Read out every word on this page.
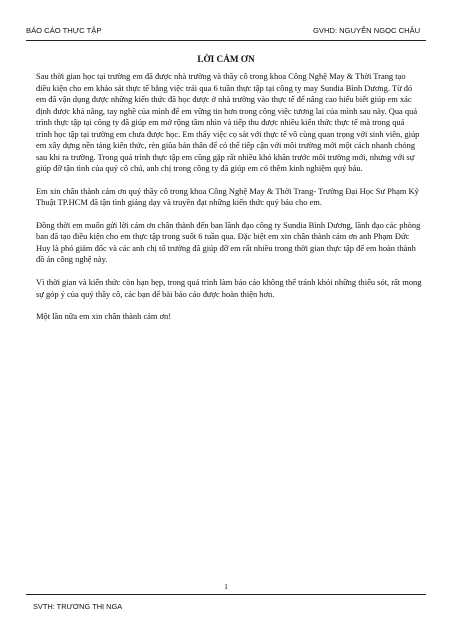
BÁO CÁO THỰC TẬP	GVHD: NGUYỄN NGỌC CHÂU
LỜI CẢM ƠN

Sau thời gian học tại trường em đã được nhà trường và thầy cô trong khoa Công Nghệ May & Thời Trang tạo điều kiện cho em khảo sát thực tế bằng việc trải qua 6 tuần thực tập tại công ty may Sundia Bình Dương. Từ đó em đã vận dụng được những kiến thức đã học được ở nhà trường vào thực tế để nâng cao hiểu biết giúp em xác định được khả năng, tay nghề của mình để em vững tin hơn trong công việc tương lai của mình sau này. Qua quá trình thực tập tại công ty đã giúp em mở rộng tầm nhìn và tiếp thu được nhiều kiến thức thực tế mà trong quá trình học tập tại trường em chưa được học. Em thấy việc cọ sát với thực tế vô cùng quan trọng với sinh viên, giúp em xây dựng nền tảng kiến thức, rèn giũa bản thân để có thể tiếp cận với môi trường mới một cách nhanh chóng sau khi ra trường. Trong quá trình thực tập em cũng gặp rất nhiều khó khăn trước môi trường mới, nhưng với sự giúp đỡ tận tình của quý cô chú, anh chị trong công ty đã giúp em có thêm kinh nghiệm quý báu.

Em xin chân thành cảm ơn quý thầy cô trong khoa Công Nghệ May & Thời Trang- Trường Đại Học Sư Phạm Kỹ Thuật TP.HCM đã tận tình giảng dạy và truyền đạt những kiến thức quý báu cho em.

Đồng thời em muốn gửi lời cảm ơn chân thành đến ban lãnh đạo công ty Sundia Bình Dương, lãnh đạo các phòng ban đã tạo điều kiện cho em thực tập trong suốt 6 tuần qua. Đặc biệt em xin chân thành cảm ơn anh Phạm Đức Huy là phó giám đốc và các anh chị tổ trưởng đã giúp đỡ em rất nhiều trong thời gian thực tập để em hoàn thành đồ án công nghệ này.

Vì thời gian và kiến thức còn hạn hẹp, trong quá trình làm báo cáo không thể tránh khỏi những thiếu sót, rất mong sự góp ý của quý thầy cô, các bạn để bài báo cáo được hoàn thiện hơn.

Một lần nữa em xin chân thành cảm ơn!

1
SVTH: TRƯƠNG THỊ NGA
